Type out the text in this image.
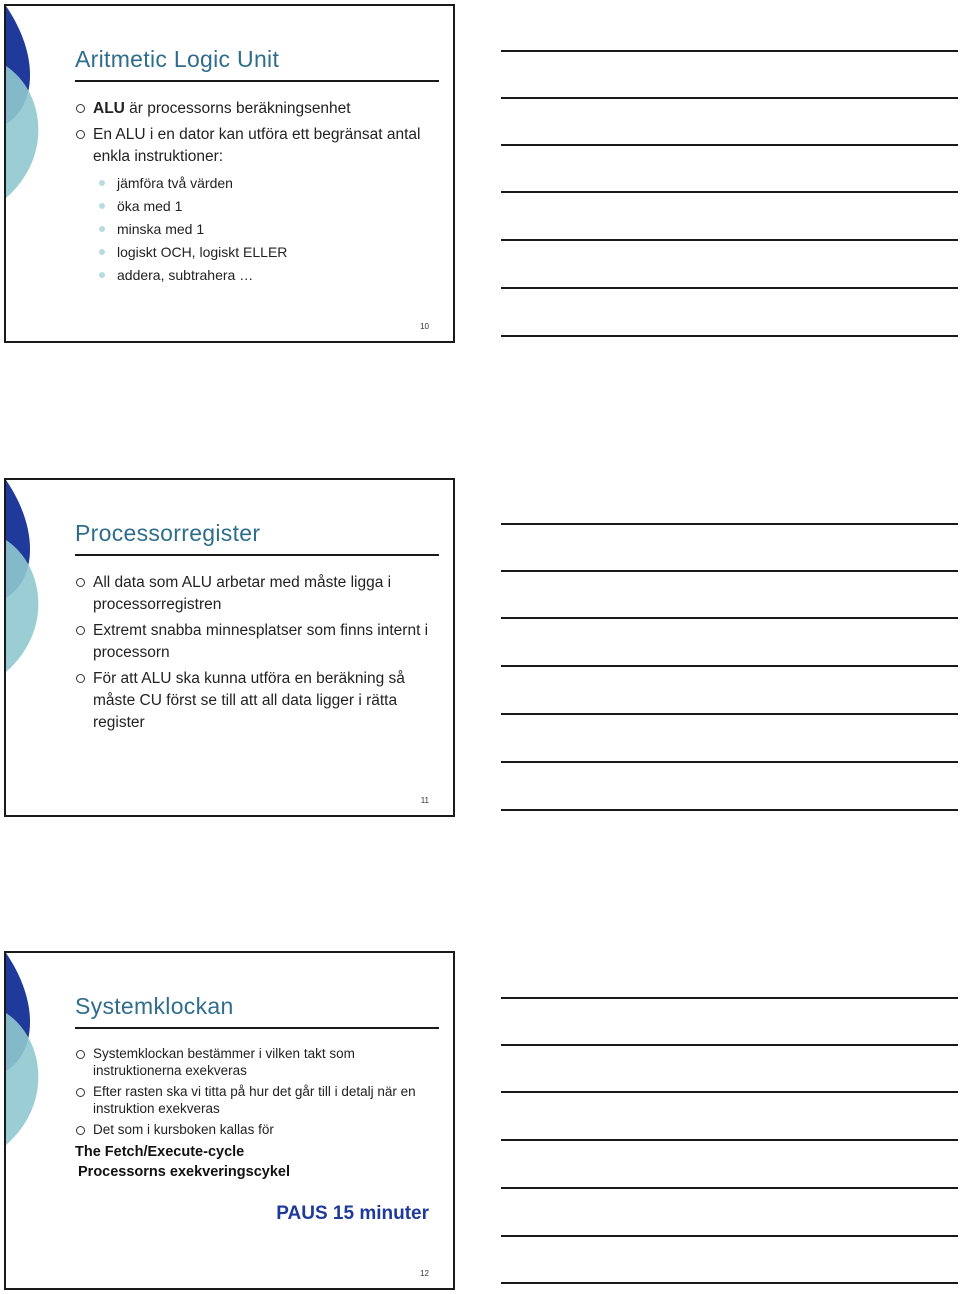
Aritmetic Logic Unit
ALU är processorns beräkningsenhet
En ALU i en dator kan utföra ett begränsat antal enkla instruktioner:
jämföra två värden
öka med 1
minska med 1
logiskt OCH, logiskt ELLER
addera, subtrahera …
10
Processorregister
All data som ALU arbetar med måste ligga i processorregistren
Extremt snabba minnesplatser som finns internt i processorn
För att ALU ska kunna utföra en beräkning så måste CU först se till att all data ligger i rätta register
11
Systemklockan
Systemklockan bestämmer i vilken takt som instruktionerna exekveras
Efter rasten ska vi titta på hur det går till i detalj när en instruktion exekveras
Det som i kursboken kallas för
The Fetch/Execute-cycle
Processorns exekveringscykel
PAUS 15 minuter
12
